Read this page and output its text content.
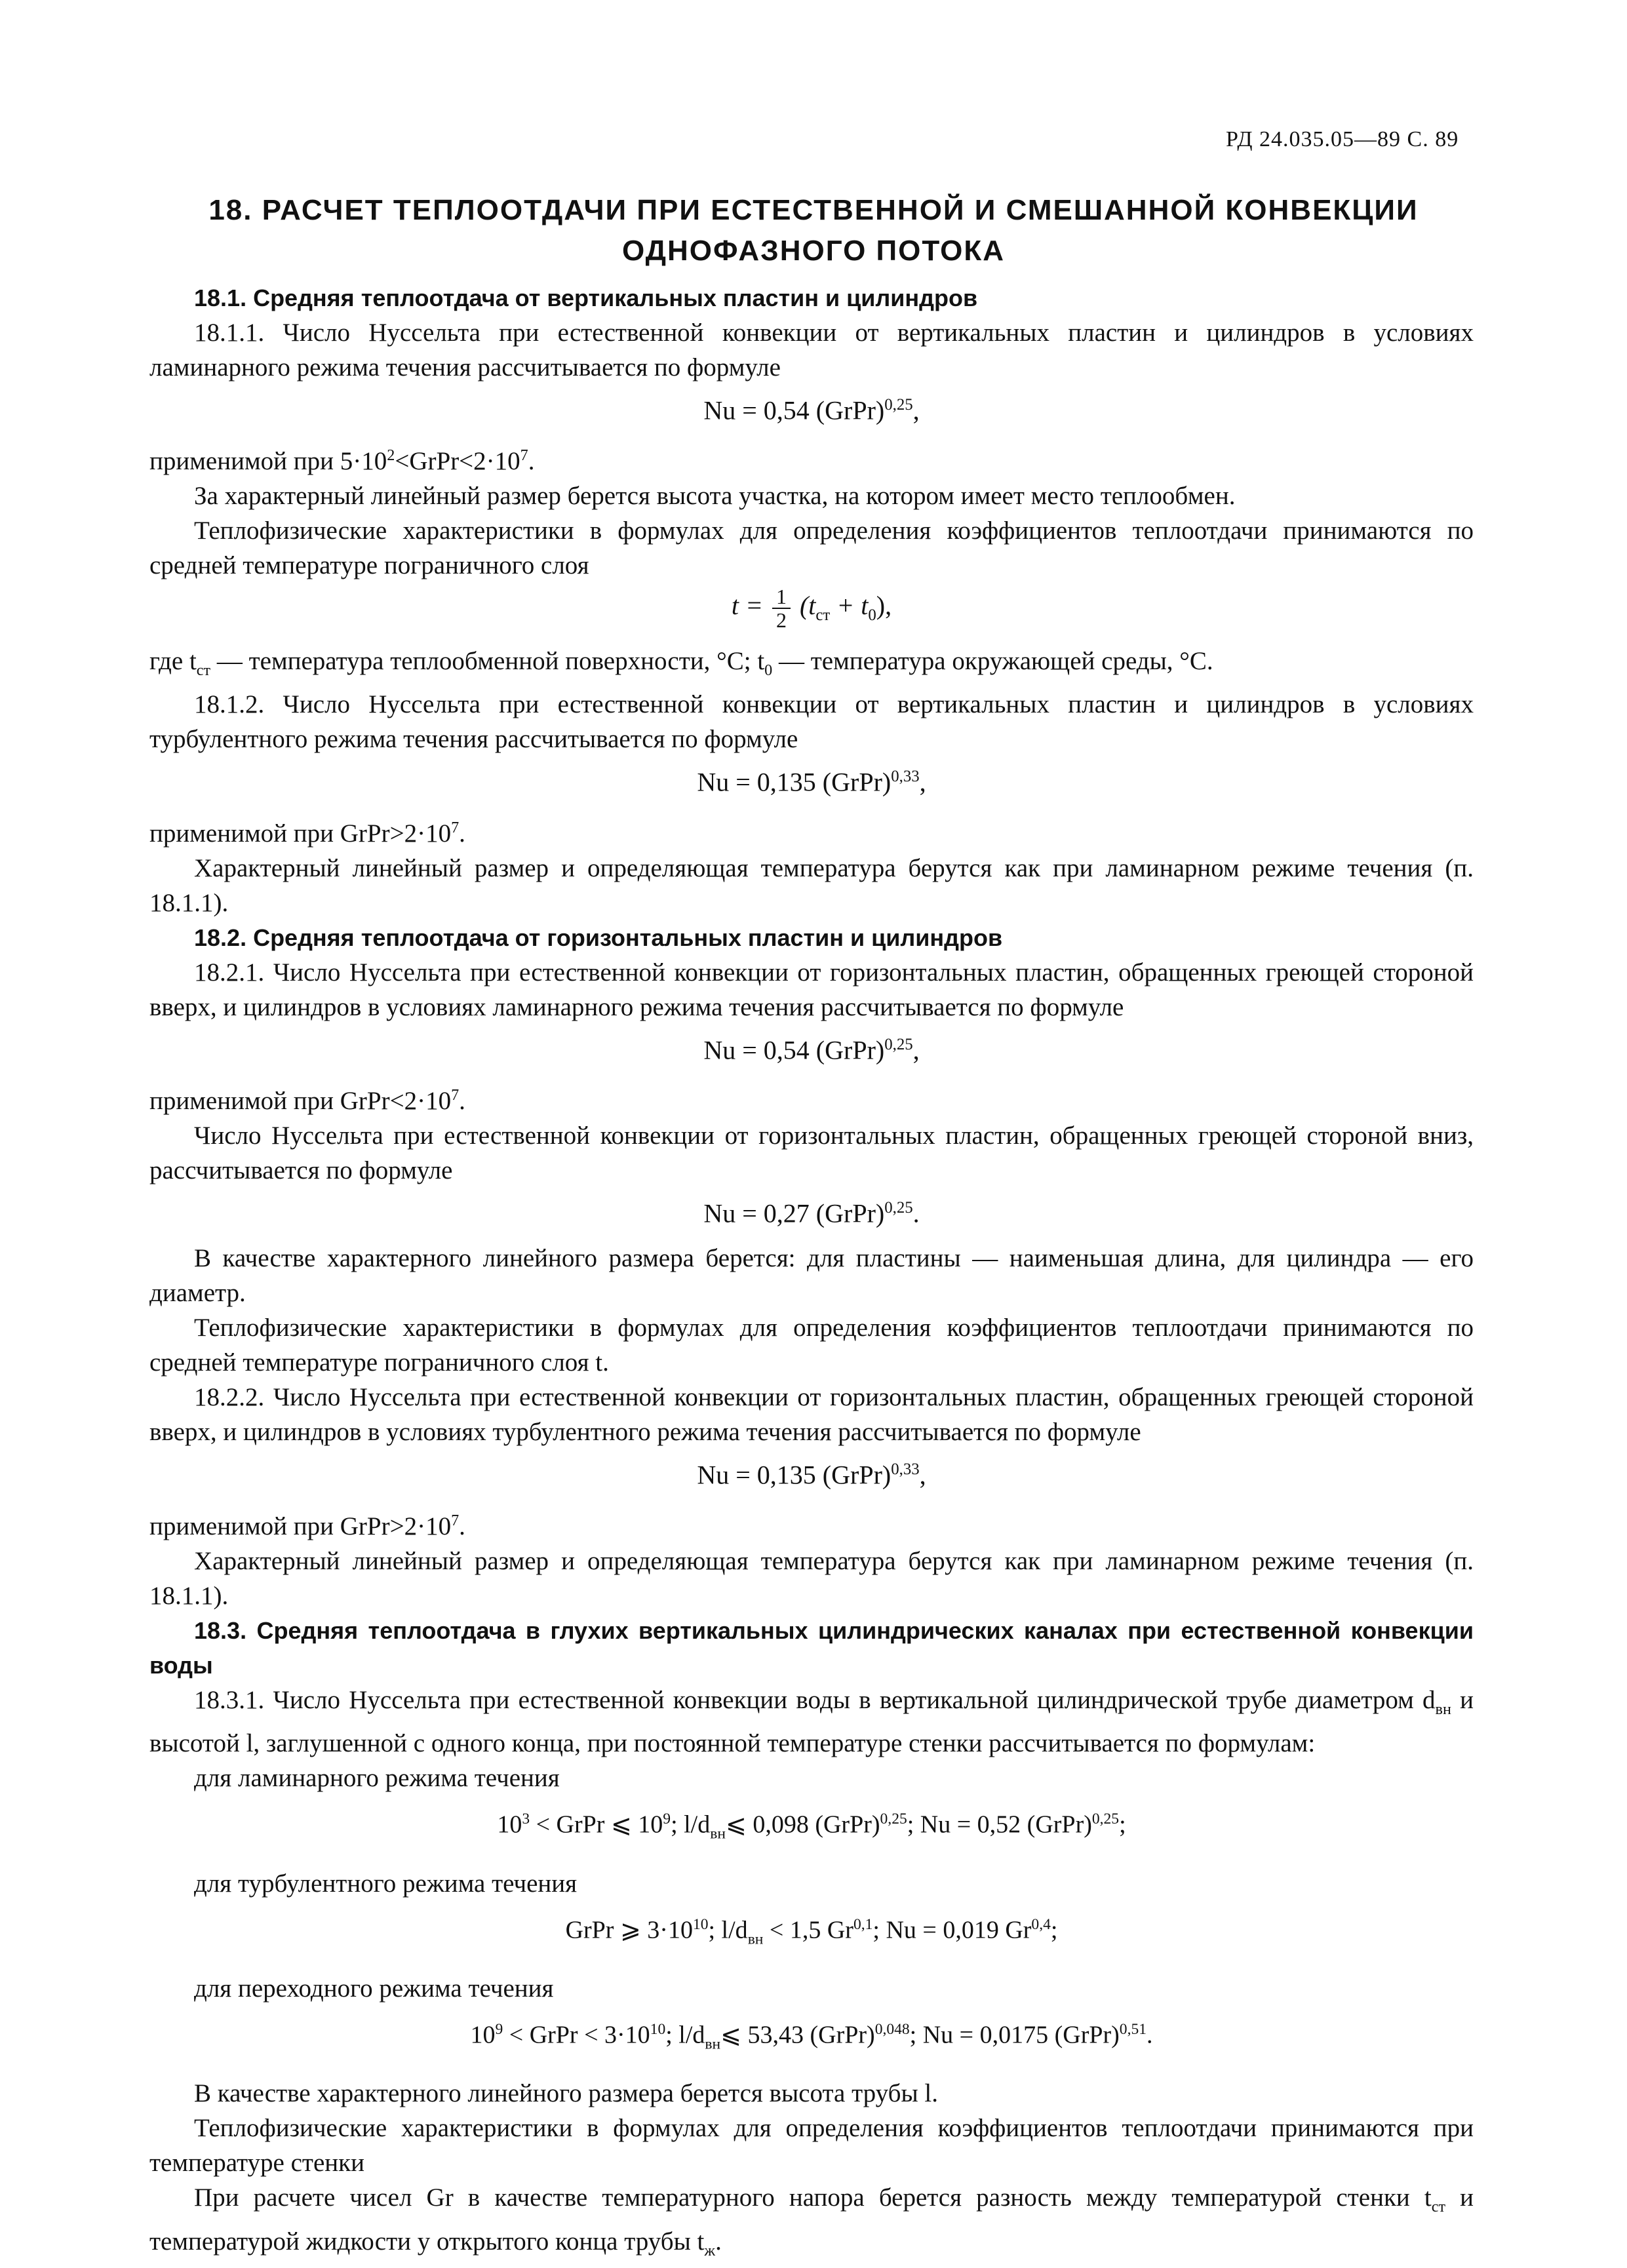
РД 24.035.05—89 С. 89
18. РАСЧЕТ ТЕПЛООТДАЧИ ПРИ ЕСТЕСТВЕННОЙ И СМЕШАННОЙ КОНВЕКЦИИ
ОДНОФАЗНОГО ПОТОКА

18.1. Средняя теплоотдача от вертикальных пластин и цилиндров

18.1.1. Число Нуссельта при естественной конвекции от вертикальных пластин и цилиндров в условиях ламинарного режима течения рассчитывается по формуле

Nu = 0,54 (GrPr)$^{0,25}$,

применимой при $5\cdot 10^2<GrPr<2\cdot 10^7$.

За характерный линейный размер берется высота участка, на котором имеет место теплообмен.

Теплофизические характеристики в формулах для определения коэффициентов теплоотдачи принимаются по средней температуре пограничного слоя

$t = \frac{1}{2} (t_{ст} + t_0)$,

где $t_{ст}$ — температура теплообменной поверхности, °С; $t_0$ — температура окружающей среды, °С.

18.1.2. Число Нуссельта при естественной конвекции от вертикальных пластин и цилиндров в условиях турбулентного режима течения рассчитывается по формуле

Nu = 0,135 (GrPr)$^{0,33}$,

применимой при $GrPr>2\cdot 10^7$.

Характерный линейный размер и определяющая температура берутся как при ламинарном режиме течения (п. 18.1.1).

18.2. Средняя теплоотдача от горизонтальных пластин и цилиндров

18.2.1. Число Нуссельта при естественной конвекции от горизонтальных пластин, обращенных греющей стороной вверх, и цилиндров в условиях ламинарного режима течения рассчитывается по формуле

Nu = 0,54 (GrPr)$^{0,25}$,

применимой при $GrPr<2\cdot 10^7$.

Число Нуссельта при естественной конвекции от горизонтальных пластин, обращенных греющей стороной вниз, рассчитывается по формуле

Nu = 0,27 (GrPr)$^{0,25}$.

В качестве характерного линейного размера берется: для пластины — наименьшая длина, для цилиндра — его диаметр.

Теплофизические характеристики в формулах для определения коэффициентов теплоотдачи принимаются по средней температуре пограничного слоя t.

18.2.2. Число Нуссельта при естественной конвекции от горизонтальных пластин, обращенных греющей стороной вверх, и цилиндров в условиях турбулентного режима течения рассчитывается по формуле

Nu = 0,135 (GrPr)$^{0,33}$,

применимой при $GrPr>2\cdot 10^7$.

Характерный линейный размер и определяющая температура берутся как при ламинарном режиме течения (п. 18.1.1).

18.3. Средняя теплоотдача в глухих вертикальных цилиндрических каналах при естественной конвекции воды

18.3.1. Число Нуссельта при естественной конвекции воды в вертикальной цилиндрической трубе диаметром $d_{вн}$ и высотой l, заглушенной с одного конца, при постоянной температуре стенки рассчитывается по формулам:

для ламинарного режима течения

$10^3$ < GrPr ⩽ $10^9$; $l/d_{вн}⩽$ 0,098 (GrPr)$^{0,25}$; Nu = 0,52 (GrPr)$^{0,25}$;

для турбулентного режима течения

GrPr ⩾ $3\cdot 10^{10}$; $l/d_{вн} < 1,5$ Gr$^{0,1}$; Nu = 0,019 Gr$^{0,4}$;

для переходного режима течения

$10^9$ < GrPr < $3\cdot 10^{10}$; $l/d_{вн}⩽$ 53,43 (GrPr)$^{0,048}$; Nu = 0,0175 (GrPr)$^{0,51}$.

В качестве характерного линейного размера берется высота трубы l.

Теплофизические характеристики в формулах для определения коэффициентов теплоотдачи принимаются при температуре стенки

При расчете чисел Gr в качестве температурного напора берется разность между температурой стенки $t_{ст}$ и температурой жидкости у открытого конца трубы $t_ж$.
